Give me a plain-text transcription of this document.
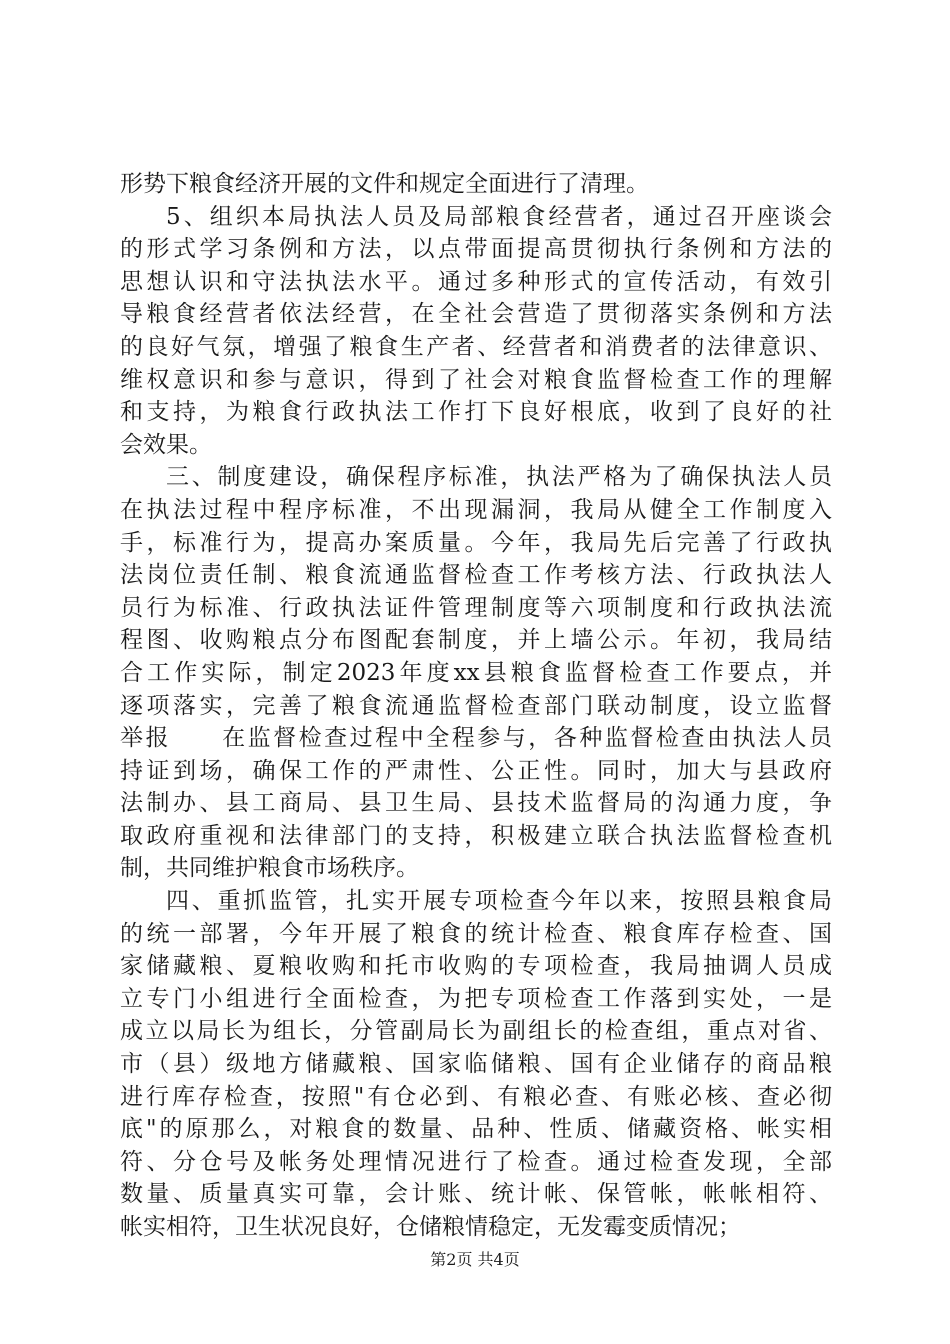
形势下粮食经济开展的文件和规定全面进行了清理。
5、组织本局执法人员及局部粮食经营者，通过召开座谈会
的形式学习条例和方法，以点带面提高贯彻执行条例和方法的
思想认识和守法执法水平。通过多种形式的宣传活动，有效引
导粮食经营者依法经营，在全社会营造了贯彻落实条例和方法
的良好气氛，增强了粮食生产者、经营者和消费者的法律意识、
维权意识和参与意识，得到了社会对粮食监督检查工作的理解
和支持，为粮食行政执法工作打下良好根底，收到了良好的社
会效果。
三、制度建设，确保程序标准，执法严格为了确保执法人员
在执法过程中程序标准，不出现漏洞，我局从健全工作制度入
手，标准行为，提高办案质量。今年，我局先后完善了行政执
法岗位责任制、粮食流通监督检查工作考核方法、行政执法人
员行为标准、行政执法证件管理制度等六项制度和行政执法流
程图、收购粮点分布图配套制度，并上墙公示。年初，我局结
合工作实际，制定2023年度xx县粮食监督检查工作要点，并
逐项落实，完善了粮食流通监督检查部门联动制度，设立监督
举报　　在监督检查过程中全程参与，各种监督检查由执法人员
持证到场，确保工作的严肃性、公正性。同时，加大与县政府
法制办、县工商局、县卫生局、县技术监督局的沟通力度，争
取政府重视和法律部门的支持，积极建立联合执法监督检查机
制，共同维护粮食市场秩序。
四、重抓监管，扎实开展专项检查今年以来，按照县粮食局
的统一部署，今年开展了粮食的统计检查、粮食库存检查、国
家储藏粮、夏粮收购和托市收购的专项检查，我局抽调人员成
立专门小组进行全面检查，为把专项检查工作落到实处，一是
成立以局长为组长，分管副局长为副组长的检查组，重点对省、
市（县）级地方储藏粮、国家临储粮、国有企业储存的商品粮
进行库存检查，按照"有仓必到、有粮必查、有账必核、查必彻
底"的原那么，对粮食的数量、品种、性质、储藏资格、帐实相
符、分仓号及帐务处理情况进行了检查。通过检查发现，全部
数量、质量真实可靠，会计账、统计帐、保管帐，帐帐相符、
帐实相符，卫生状况良好，仓储粮情稳定，无发霉变质情况；
第2页 共4页
